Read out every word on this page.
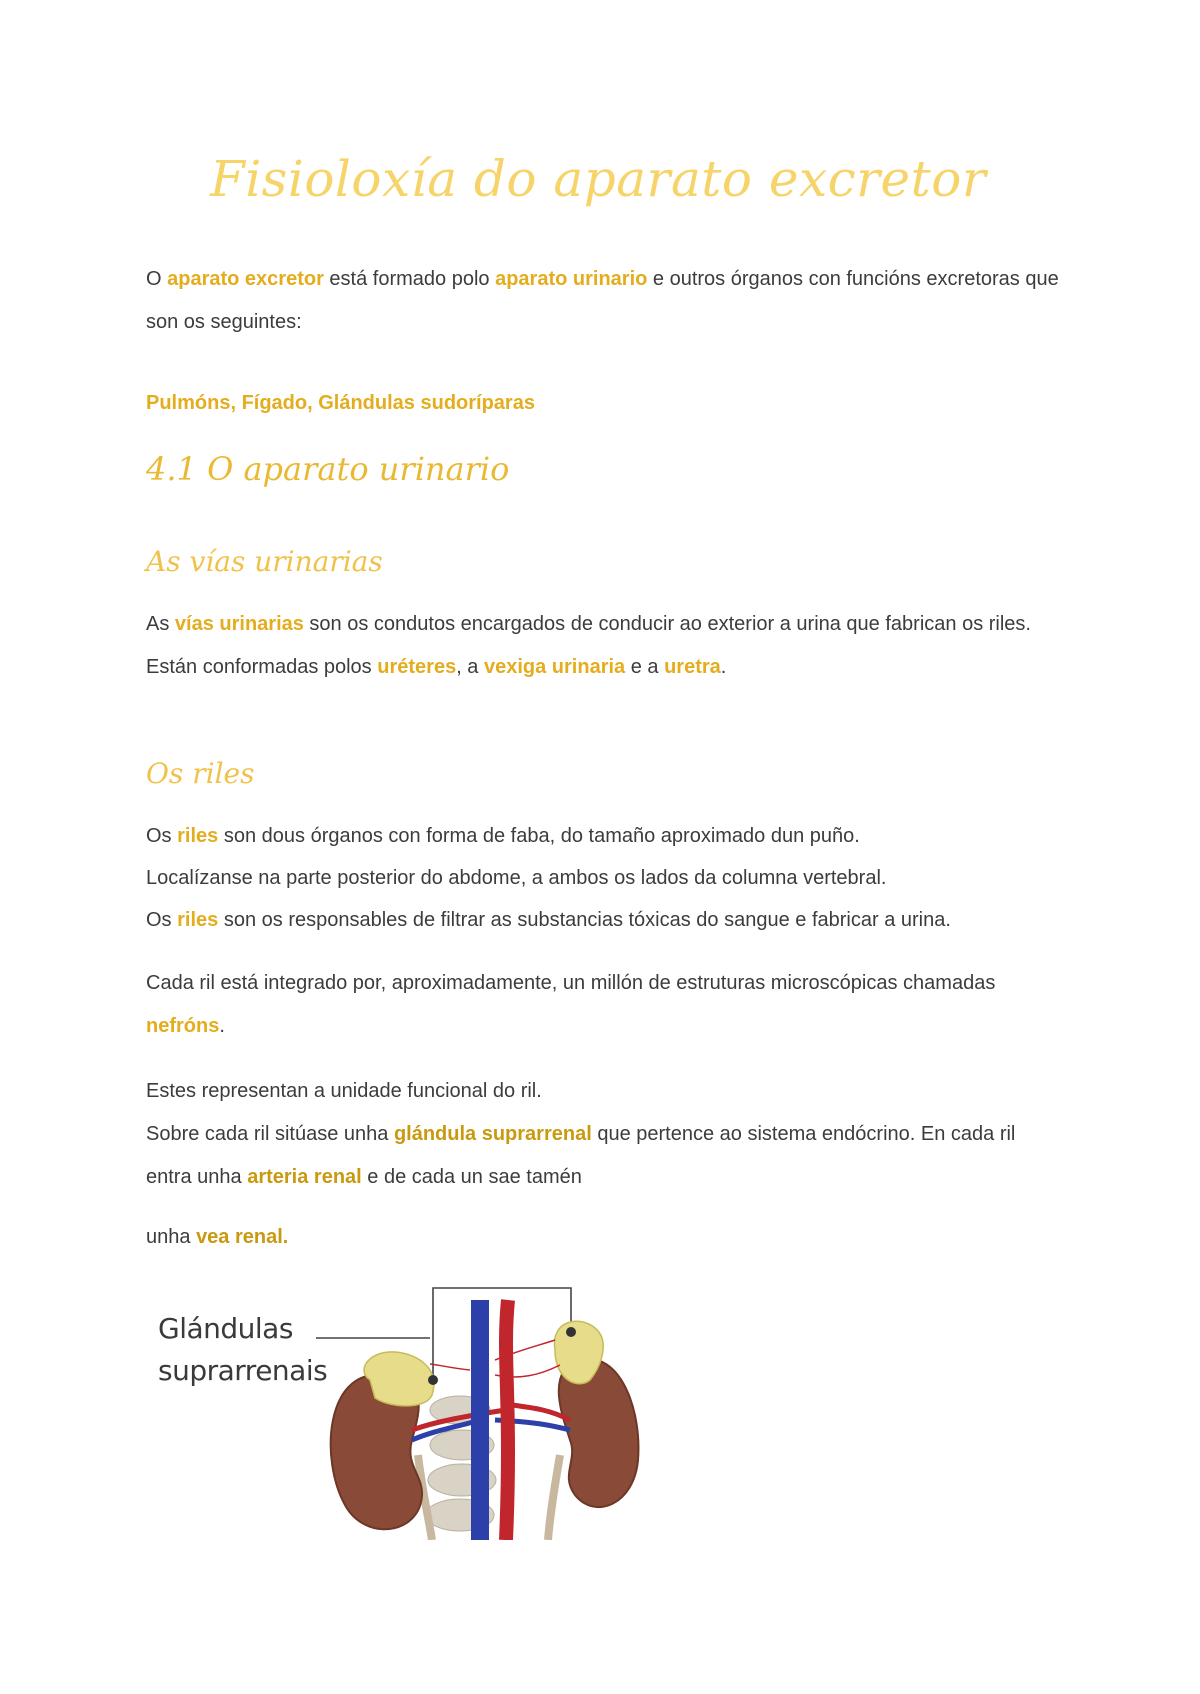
Fisioloxía do aparato excretor

O aparato excretor está formado polo aparato urinario e outros órganos con funcións excretoras que son os seguintes:

Pulmóns, Fígado, Glándulas sudoríparas

4.1 O aparato urinario
As vías urinarias

As vías urinarias son os condutos encargados de conducir ao exterior a urina que fabrican os riles. Están conformadas polos uréteres, a vexiga urinaria e a uretra.

Os riles
Os riles son dous órganos con forma de faba, do tamaño aproximado dun puño.
Localízanse na parte posterior do abdome, a ambos os lados da columna vertebral.
Os riles son os responsables de filtrar as substancias tóxicas do sangue e fabricar a urina.

Cada ril está integrado por, aproximadamente, un millón de estruturas microscópicas chamadas nefróns.

Estes representan a unidade funcional do ril.
Sobre cada ril sitúase unha glándula suprarrenal que pertence ao sistema endócrino. En cada ril entra unha arteria renal e de cada un sae tamén

unha vea renal.

Glándulas
suprarrenais
